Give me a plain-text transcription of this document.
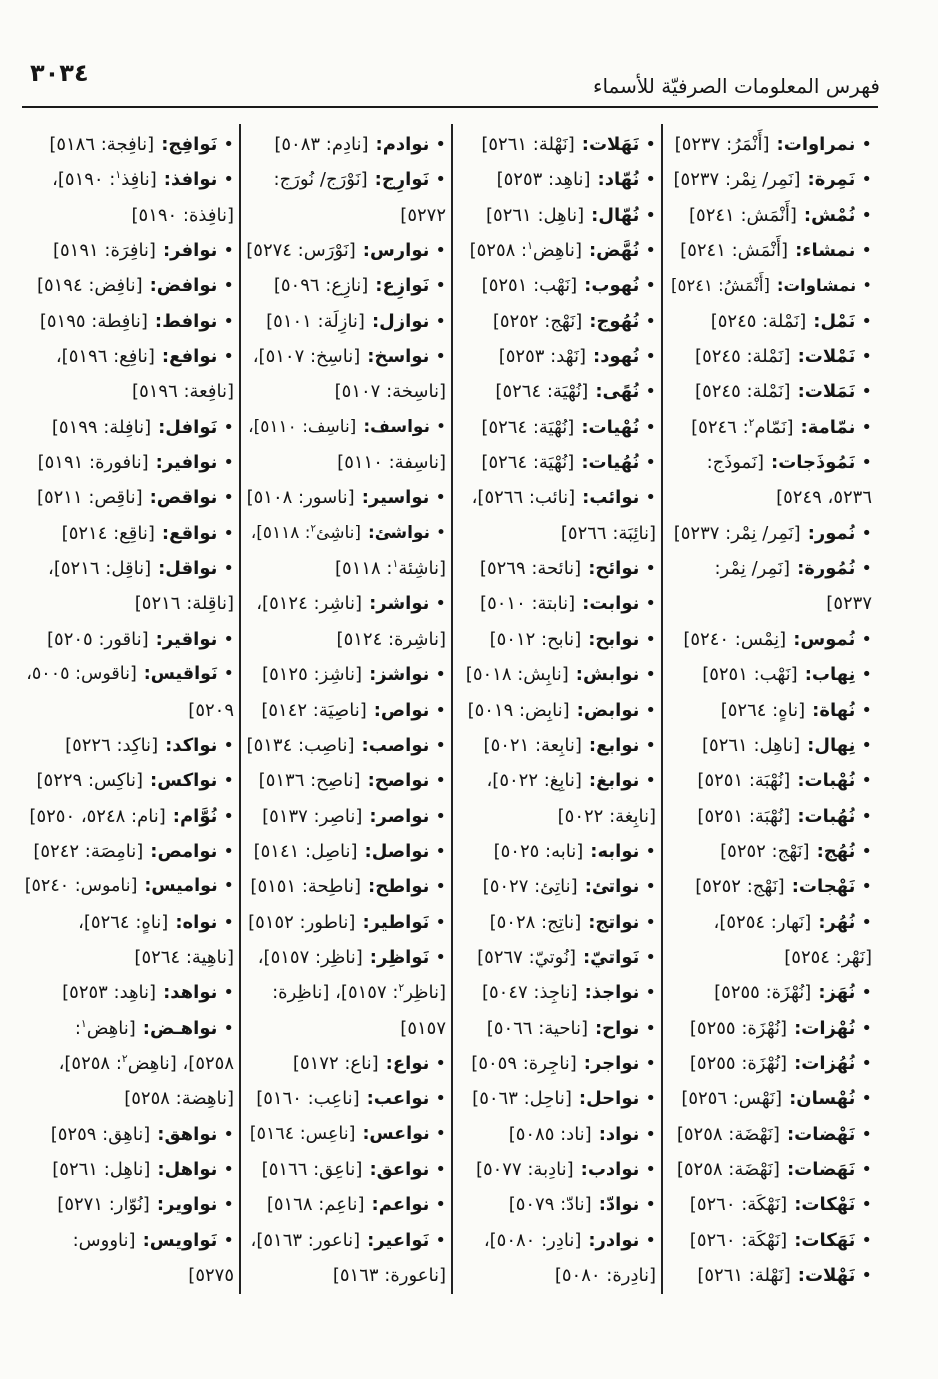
٣٠٣٤	فهرس المعلومات الصرفيّة للأسماء
•نمراوات:[أَنْمَرُ: ٥٢٣٧]
•نَمِرة:[نَمِر/ نِمْر: ٥٢٣٧]
•نُمْش:[أَنْمَش: ٥٢٤١]
•نمشاء:[أَنْمَش: ٥٢٤١]
•نمشاوات:[أَنْمَشُ: ٥٢٤١]
•نَمْل:[نَمْلة: ٥٢٤٥]
•نَمْلات:[نَمْلة: ٥٢٤٥]
•نَمَلات:[نَمْلة: ٥٢٤٥]
•نمّامة:[نَمّام$^٢$: ٥٢٤٦]
•نَمُوذَجات:[نَموذَج:
٥٢٣٦، ٥٢٤٩]
•نُمور:[نَمِر/ نِمْر: ٥٢٣٧]
•نُمُورة:[نَمِر/ نِمْر:
٥٢٣٧]
•نُموس:[نِمْس: ٥٢٤٠]
•نِهاب:[نَهْب: ٥٢٥١]
•نُهاة:[ناهٍ: ٥٢٦٤]
•نِهال:[ناهِل: ٥٢٦١]
•نُهْبات:[نُهْبَة: ٥٢٥١]
•نُهُبات:[نُهْبَة: ٥٢٥١]
•نُهُج:[نَهْج: ٥٢٥٢]
•نَهْجات:[نَهْج: ٥٢٥٢]
•نُهُر:[نَهار: ٥٢٥٤]،
[نَهْر: ٥٢٥٤]
•نُهَز:[نُهْزَة: ٥٢٥٥]
•نُهْزات:[نُهْزَة: ٥٢٥٥]
•نُهُزات:[نُهْزَة: ٥٢٥٥]
•نُهْسان:[نَهْس: ٥٢٥٦]
•نَهْضات:[نَهْضَة: ٥٢٥٨]
•نَهَضات:[نَهْضَة: ٥٢٥٨]
•نَهْكات:[نَهْكَة: ٥٢٦٠]
•نَهَكات:[نَهْكَة: ٥٢٦٠]
•نَهْلات:[نَهْلة: ٥٢٦١]
•نَهَلات:[نَهْلة: ٥٢٦١]
•نُهّاد:[ناهِد: ٥٢٥٣]
•نُهّال:[ناهِل: ٥٢٦١]
•نُهَّض:[ناهِض$^١$: ٥٢٥٨]
•نُهوب:[نَهْب: ٥٢٥١]
•نُهُوج:[نَهْج: ٥٢٥٢]
•نُهود:[نَهْد: ٥٢٥٣]
•نُهًى:[نُهْيَة: ٥٢٦٤]
•نُهْيات:[نُهْيَة: ٥٢٦٤]
•نُهُيات:[نُهْيَة: ٥٢٦٤]
•نوائب:[نائب: ٥٢٦٦]،
[نائِبَة: ٥٢٦٦]
•نوائح:[نائحة: ٥٢٦٩]
•نوابت:[نابتة: ٥٠١٠]
•نوابح:[نابح: ٥٠١٢]
•نوابش:[نابِش: ٥٠١٨]
•نوابض:[نابِض: ٥٠١٩]
•نوابع:[نابِعة: ٥٠٢١]
•نوابغ:[نابِغ: ٥٠٢٢]،
[نابِغة: ٥٠٢٢]
•نوابه:[نابه: ٥٠٢٥]
•نواتئ:[ناتِئ: ٥٠٢٧]
•نواتج:[ناتِج: ٥٠٢٨]
•نَواتيّ:[نُوتيّ: ٥٢٦٧]
•نواجذ:[ناجِذ: ٥٠٤٧]
•نواح:[ناحية: ٥٠٦٦]
•نواجر:[ناجِرة: ٥٠٥٩]
•نواحل:[ناحِل: ٥٠٦٣]
•نواد:[ناد: ٥٠٨٥]
•نوادب:[نادِبة: ٥٠٧٧]
•نوادّ:[نادّ: ٥٠٧٩]
•نوادر:[نادِر: ٥٠٨٠]،
[نادِرة: ٥٠٨٠]
•نوادم:[نادِم: ٥٠٨٣]
•نَوارِج:[نَوْرَج/ نُورَج:
٥٢٧٢]
•نوارس:[نَوْرَس: ٥٢٧٤]
•نَوازِع:[نازِع: ٥٠٩٦]
•نوازل:[نازِلَة: ٥١٠١]
•نواسخ:[ناسِخ: ٥١٠٧]،
[ناسِخة: ٥١٠٧]
•نواسف:[ناسِف: ٥١١٠]،
[ناسِفة: ٥١١٠]
•نواسير:[ناسور: ٥١٠٨]
•نواشئ:[ناشِئ$^٢$: ٥١١٨]،
[ناشِئة$^١$: ٥١١٨]
•نواشر:[ناشِر: ٥١٢٤]،
[ناشِرة: ٥١٢٤]
•نواشز:[ناشِز: ٥١٢٥]
•نواص:[ناصِيَة: ٥١٤٢]
•نواصب:[ناصِب: ٥١٣٤]
•نواصح:[ناصِح: ٥١٣٦]
•نواصر:[ناصِر: ٥١٣٧]
•نواصل:[ناصِل: ٥١٤١]
•نواطح:[ناطِحة: ٥١٥١]
•نَواطير:[ناطور: ٥١٥٢]
•نَواظِر:[ناظِر: ٥١٥٧]،
[ناظِر$^٢$: ٥١٥٧]، [ناظِرة:
٥١٥٧]
•نواع:[ناع: ٥١٧٢]
•نواعب:[ناعِب: ٥١٦٠]
•نواعس:[ناعِس: ٥١٦٤]
•نواعق:[ناعِق: ٥١٦٦]
•نواعم:[ناعِم: ٥١٦٨]
•نَواعير:[ناعور: ٥١٦٣]،
[ناعورة: ٥١٦٣]
•نَوافِج:[نافِجة: ٥١٨٦]
•نوافذ:[نافِذ$^١$: ٥١٩٠]،
[نافِذة: ٥١٩٠]
•نوافر:[نافِرَة: ٥١٩١]
•نوافض:[نافِض: ٥١٩٤]
•نوافط:[نافِطة: ٥١٩٥]
•نوافع:[نافِع: ٥١٩٦]،
[نافِعة: ٥١٩٦]
•نَوافل:[نافِلة: ٥١٩٩]
•نوافير:[نافورة: ٥١٩١]
•نواقص:[ناقِص: ٥٢١١]
•نواقع:[ناقِع: ٥٢١٤]
•نواقل:[ناقِل: ٥٢١٦]،
[ناقِلة: ٥٢١٦]
•نواقير:[ناقور: ٥٢٠٥]
•نَواقيس:[ناقوس: ٥٠٠٥،
٥٢٠٩]
•نواكد:[ناكِد: ٥٢٢٦]
•نواكس:[ناكِس: ٥٢٢٩]
•نُوَّام:[نام: ٥٢٤٨، ٥٢٥٠]
•نوامص:[نامِصَة: ٥٢٤٢]
•نواميس:[ناموس: ٥٢٤٠]
•نواه:[ناهٍ: ٥٢٦٤]،
[ناهِية: ٥٢٦٤]
•نواهد:[ناهِد: ٥٢٥٣]
•نواهـض:[ناهِض$^١$:
٥٢٥٨]، [ناهِض$^٢$: ٥٢٥٨]،
[ناهِضة: ٥٢٥٨]
•نواهق:[ناهِق: ٥٢٥٩]
•نواهل:[ناهِل: ٥٢٦١]
•نواوير:[نُوّار: ٥٢٧١]
•نَواويس:[ناووس:
٥٢٧٥]
